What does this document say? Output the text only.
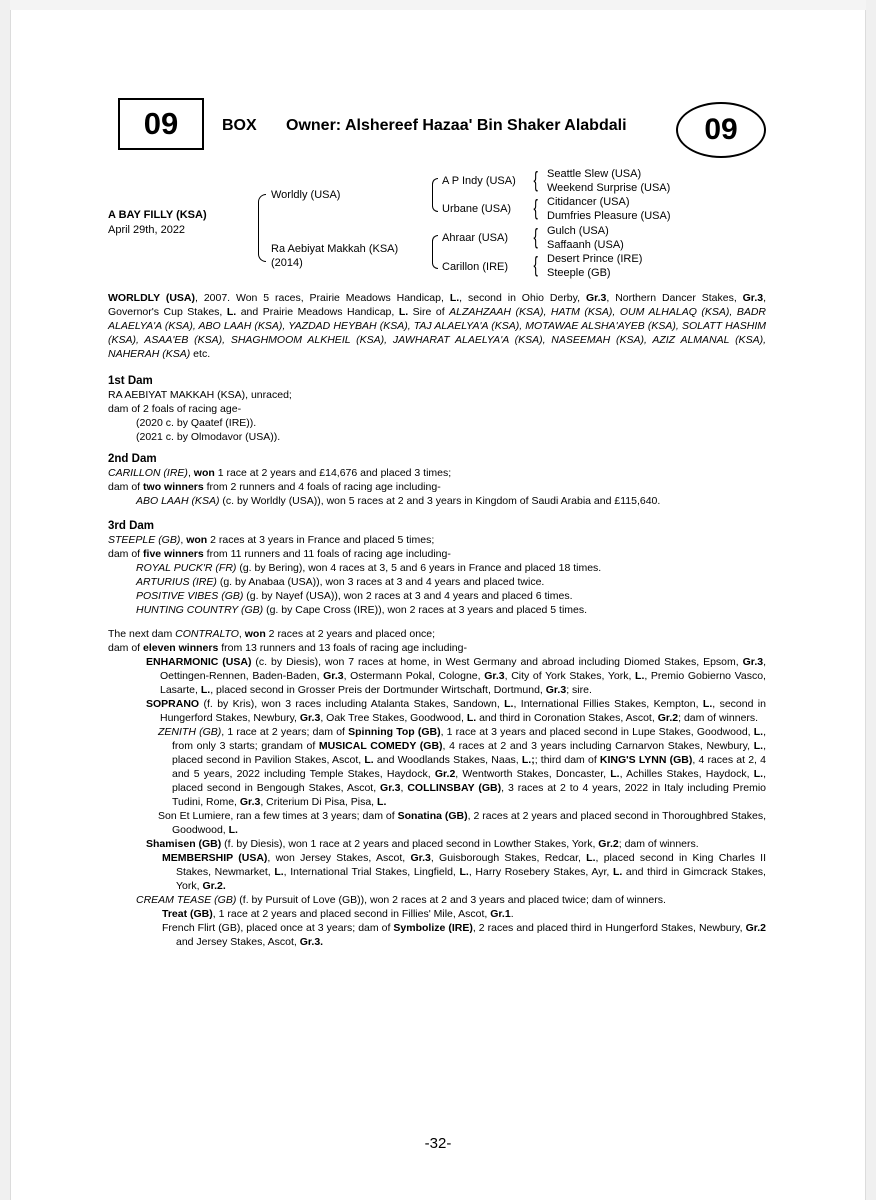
09	BOX Owner: Alshereef Hazaa' Bin Shaker Alabdali	09
A BAY FILLY (KSA)
April 29th, 2022
Worldly (USA)
Ra Aebiyat Makkah (KSA)
(2014)
A P Indy (USA)
Urbane (USA)
Ahraar (USA)
Carillon (IRE)
{
{
{
{
Seattle Slew (USA)
Weekend Surprise (USA)
Citidancer (USA)
Dumfries Pleasure (USA)
Gulch (USA)
Saffaanh (USA)
Desert Prince (IRE)
Steeple (GB)
WORLDLY (USA), 2007. Won 5 races, Prairie Meadows Handicap, L., second in Ohio Derby, Gr.3, Northern Dancer Stakes, Gr.3, Governor's Cup Stakes, L. and Prairie Meadows Handicap, L. Sire of ALZAHZAAH (KSA), HATM (KSA), OUM ALHALAQ (KSA), BADR ALAELYA'A (KSA), ABO LAAH (KSA), YAZDAD HEYBAH (KSA), TAJ ALAELYA'A (KSA), MOTAWAE ALSHA'AYEB (KSA), SOLATT HASHIM (KSA), ASAA'EB (KSA), SHAGHMOOM ALKHEIL (KSA), JAWHARAT ALAELYA'A (KSA), NASEEMAH (KSA), AZIZ ALMANAL (KSA), NAHERAH (KSA) etc.

1st Dam

RA AEBIYAT MAKKAH (KSA), unraced;

dam of 2 foals of racing age-

(2020 c. by Qaatef (IRE)).

(2021 c. by Olmodavor (USA)).

2nd Dam

CARILLON (IRE), won 1 race at 2 years and £14,676 and placed 3 times;

dam of two winners from 2 runners and 4 foals of racing age including-

ABO LAAH (KSA) (c. by Worldly (USA)), won 5 races at 2 and 3 years in Kingdom of Saudi Arabia and £115,640.

3rd Dam

STEEPLE (GB), won 2 races at 3 years in France and placed 5 times;

dam of five winners from 11 runners and 11 foals of racing age including-

ROYAL PUCK'R (FR) (g. by Bering), won 4 races at 3, 5 and 6 years in France and placed 18 times.

ARTURIUS (IRE) (g. by Anabaa (USA)), won 3 races at 3 and 4 years and placed twice.

POSITIVE VIBES (GB) (g. by Nayef (USA)), won 2 races at 3 and 4 years and placed 6 times.

HUNTING COUNTRY (GB) (g. by Cape Cross (IRE)), won 2 races at 3 years and placed 5 times.

The next dam CONTRALTO, won 2 races at 2 years and placed once;

dam of eleven winners from 13 runners and 13 foals of racing age including-

ENHARMONIC (USA) (c. by Diesis), won 7 races at home, in West Germany and abroad including Diomed Stakes, Epsom, Gr.3, Oettingen-Rennen, Baden-Baden, Gr.3, Ostermann Pokal, Cologne, Gr.3, City of York Stakes, York, L., Premio Gobierno Vasco, Lasarte, L., placed second in Grosser Preis der Dortmunder Wirtschaft, Dortmund, Gr.3; sire.

SOPRANO (f. by Kris), won 3 races including Atalanta Stakes, Sandown, L., International Fillies Stakes, Kempton, L., second in Hungerford Stakes, Newbury, Gr.3, Oak Tree Stakes, Goodwood, L. and third in Coronation Stakes, Ascot, Gr.2; dam of winners.

ZENITH (GB), 1 race at 2 years; dam of Spinning Top (GB), 1 race at 3 years and placed second in Lupe Stakes, Goodwood, L., from only 3 starts; grandam of MUSICAL COMEDY (GB), 4 races at 2 and 3 years including Carnarvon Stakes, Newbury, L., placed second in Pavilion Stakes, Ascot, L. and Woodlands Stakes, Naas, L.;; third dam of KING'S LYNN (GB), 4 races at 2, 4 and 5 years, 2022 including Temple Stakes, Haydock, Gr.2, Wentworth Stakes, Doncaster, L., Achilles Stakes, Haydock, L., placed second in Bengough Stakes, Ascot, Gr.3, COLLINSBAY (GB), 3 races at 2 to 4 years, 2022 in Italy including Premio Tudini, Rome, Gr.3, Criterium Di Pisa, Pisa, L.

Son Et Lumiere, ran a few times at 3 years; dam of Sonatina (GB), 2 races at 2 years and placed second in Thoroughbred Stakes, Goodwood, L.

Shamisen (GB) (f. by Diesis), won 1 race at 2 years and placed second in Lowther Stakes, York, Gr.2; dam of winners.

MEMBERSHIP (USA), won Jersey Stakes, Ascot, Gr.3, Guisborough Stakes, Redcar, L., placed second in King Charles II Stakes, Newmarket, L., International Trial Stakes, Lingfield, L., Harry Rosebery Stakes, Ayr, L. and third in Gimcrack Stakes, York, Gr.2.

CREAM TEASE (GB) (f. by Pursuit of Love (GB)), won 2 races at 2 and 3 years and placed twice; dam of winners.

Treat (GB), 1 race at 2 years and placed second in Fillies' Mile, Ascot, Gr.1.

French Flirt (GB), placed once at 3 years; dam of Symbolize (IRE), 2 races and placed third in Hungerford Stakes, Newbury, Gr.2 and Jersey Stakes, Ascot, Gr.3.

-32-
